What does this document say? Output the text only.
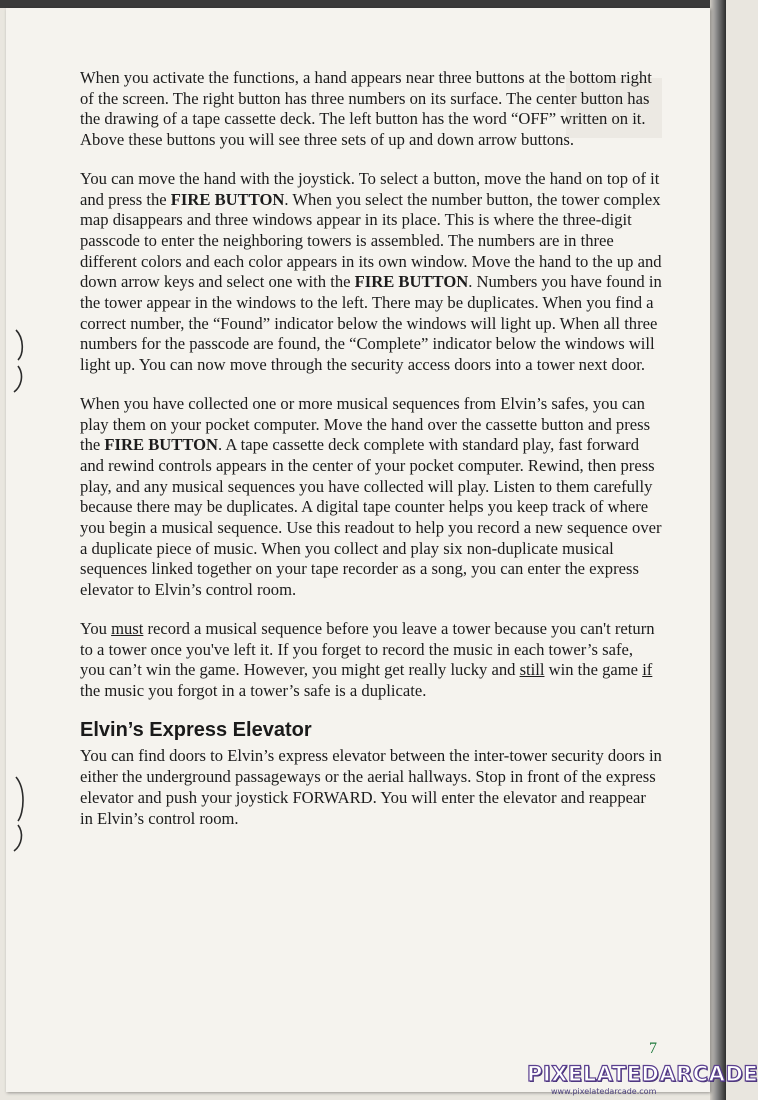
When you activate the functions, a hand appears near three buttons at the bottom right of the screen. The right button has three numbers on its surface. The center button has the drawing of a tape cassette deck. The left button has the word “OFF” written on it. Above these buttons you will see three sets of up and down arrow buttons.

You can move the hand with the joystick. To select a button, move the hand on top of it and press the FIRE BUTTON. When you select the number button, the tower complex map disappears and three windows appear in its place. This is where the three-digit passcode to enter the neighboring towers is assembled. The numbers are in three different colors and each color appears in its own window. Move the hand to the up and down arrow keys and select one with the FIRE BUTTON. Numbers you have found in the tower appear in the windows to the left. There may be duplicates. When you find a correct number, the “Found” indicator below the windows will light up. When all three numbers for the passcode are found, the “Complete” indicator below the windows will light up. You can now move through the security access doors into a tower next door.

When you have collected one or more musical sequences from Elvin’s safes, you can play them on your pocket computer. Move the hand over the cassette button and press the FIRE BUTTON. A tape cassette deck complete with standard play, fast forward and rewind controls appears in the center of your pocket computer. Rewind, then press play, and any musical sequences you have collected will play. Listen to them carefully because there may be duplicates. A digital tape counter helps you keep track of where you begin a musical sequence. Use this readout to help you record a new sequence over a duplicate piece of music. When you collect and play six non-duplicate musical sequences linked together on your tape recorder as a song, you can enter the express elevator to Elvin’s control room.

You must record a musical sequence before you leave a tower because you can't return to a tower once you've left it. If you forget to record the music in each tower’s safe, you can’t win the game. However, you might get really lucky and still win the game if the music you forgot in a tower’s safe is a duplicate.

Elvin’s Express Elevator

You can find doors to Elvin’s express elevator between the inter-tower security doors in either the underground passageways or the aerial hallways. Stop in front of the express elevator and push your joystick FORWARD. You will enter the elevator and reappear in Elvin’s control room.

7
PIXELATEDARCADE
www.pixelatedarcade.com
